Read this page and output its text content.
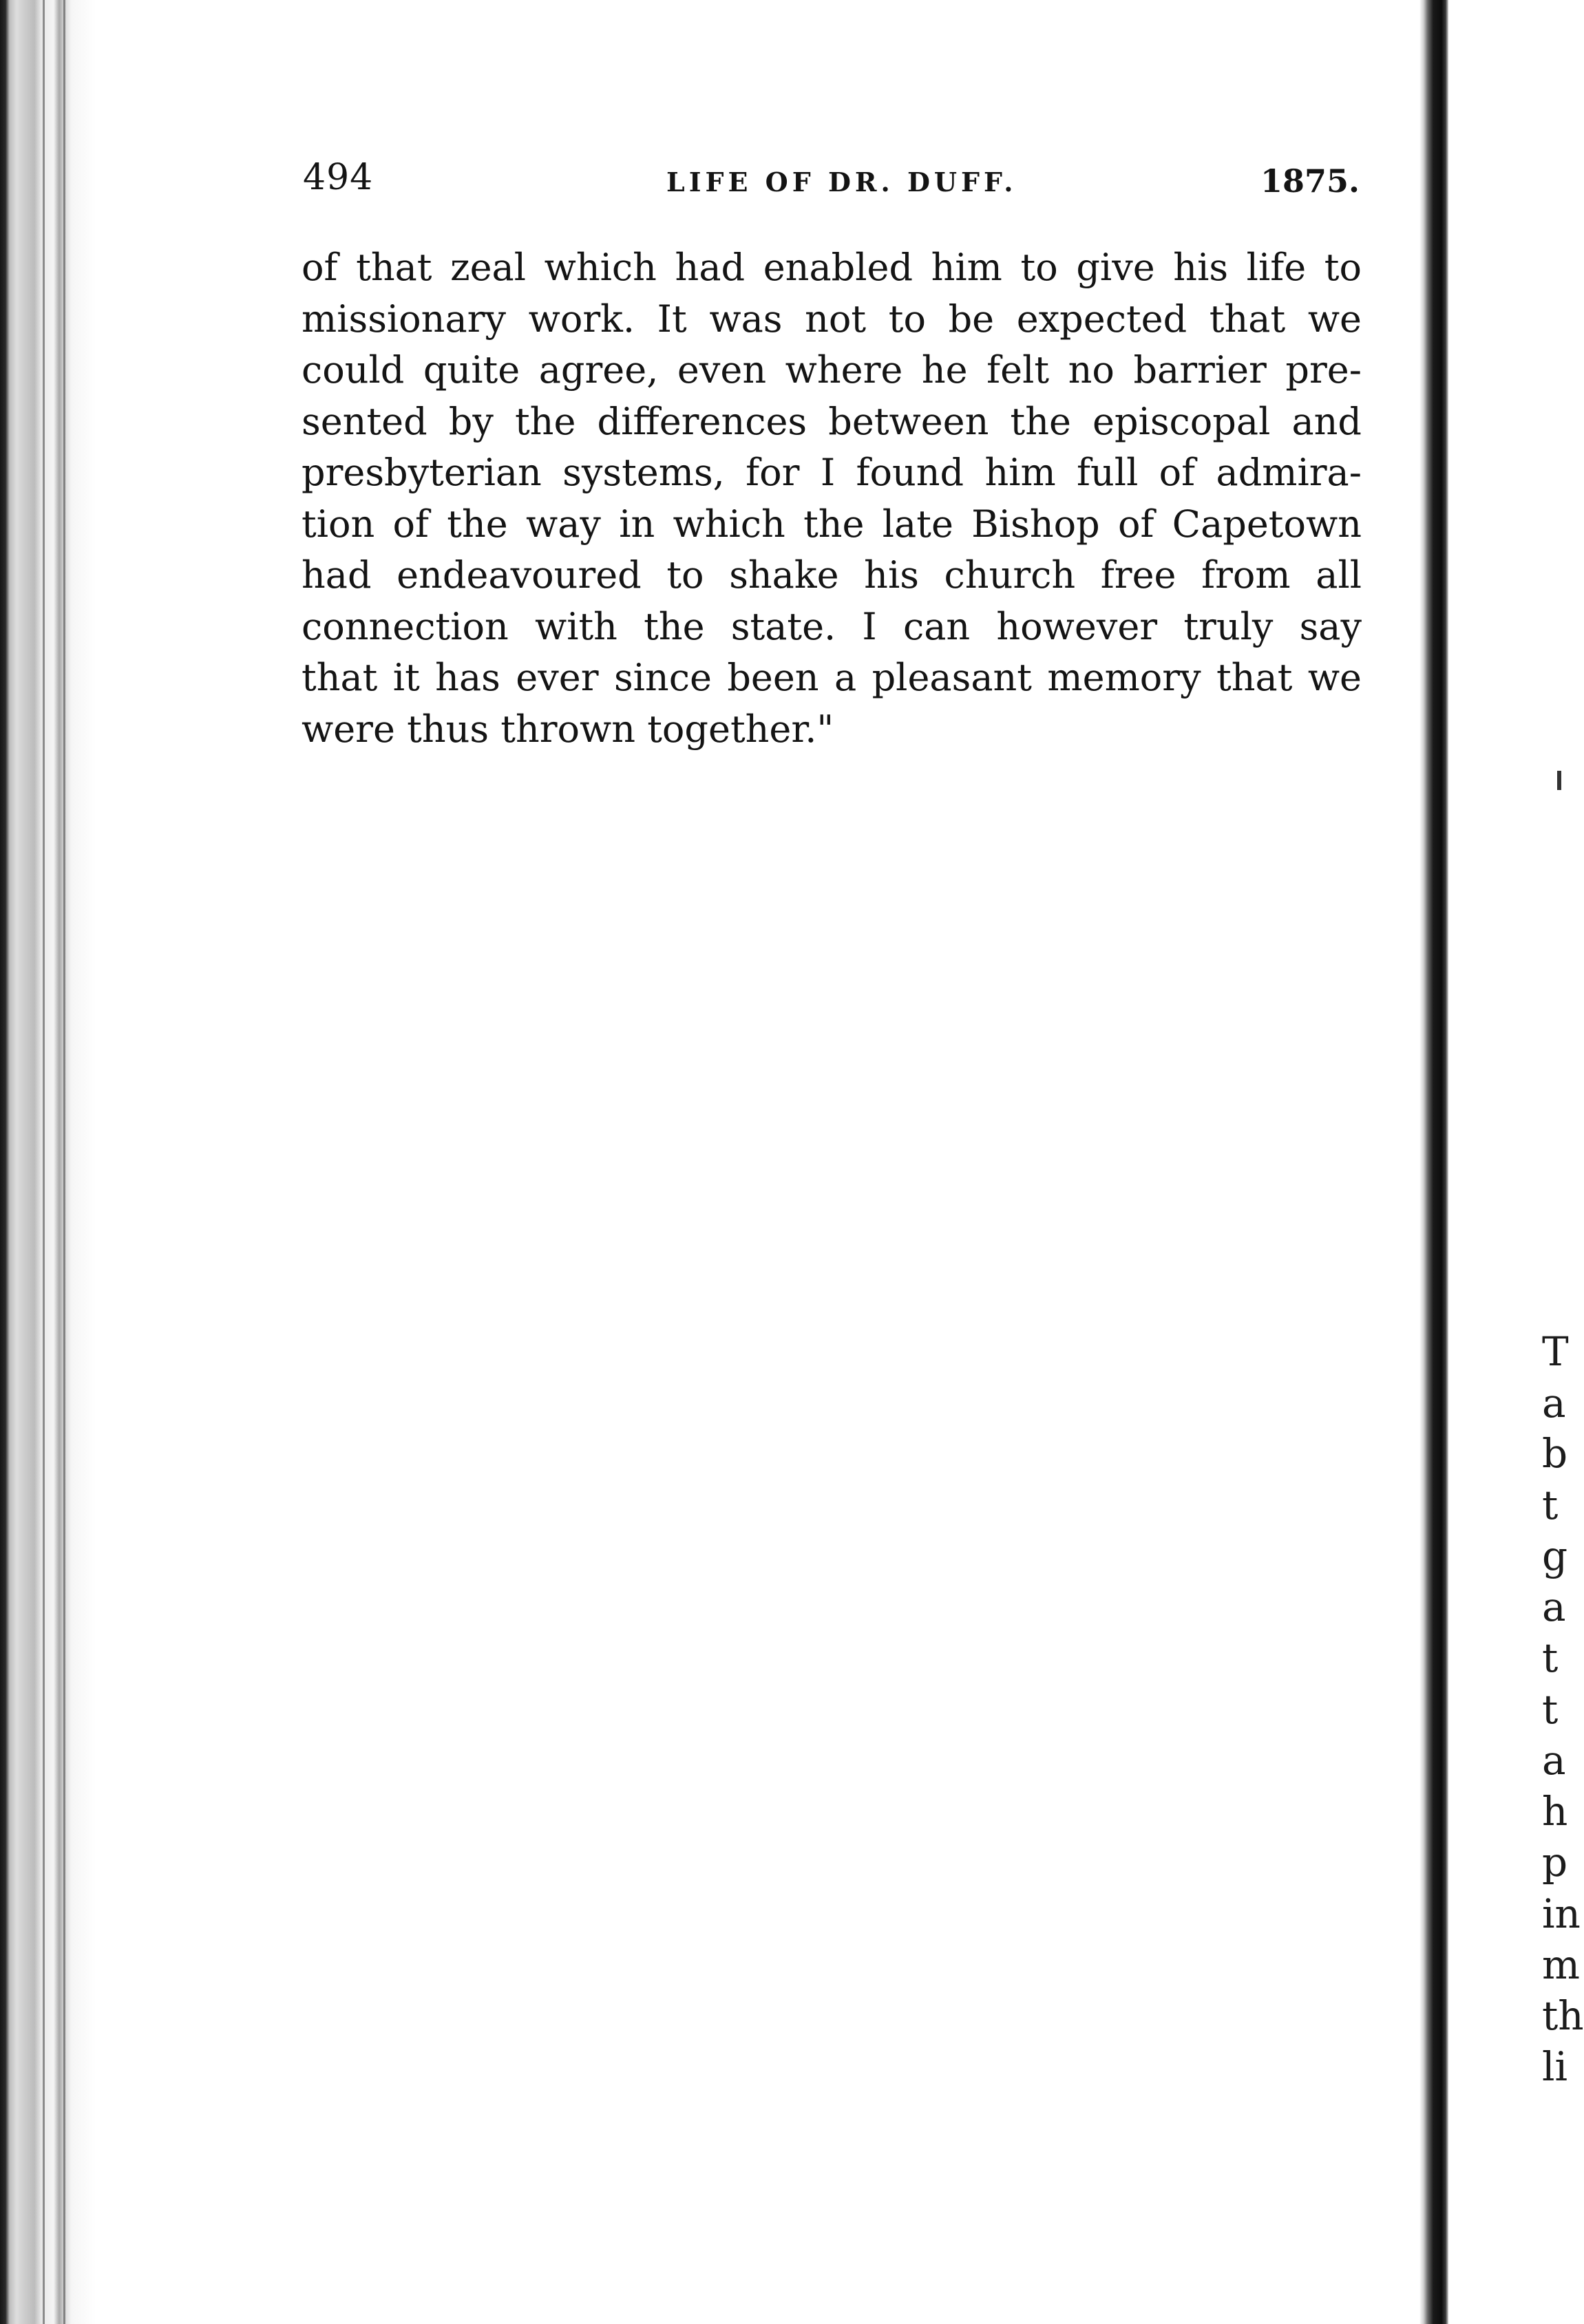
494	LIFE OF DR. DUFF.	1875.
of that zeal which had enabled him to give his life to
missionary work. It was not to be expected that we
could quite agree, even where he felt no barrier pre-
sented by the differences between the episcopal and
presbyterian systems, for I found him full of admira-
tion of the way in which the late Bishop of Capetown
had endeavoured to shake his church free from all
connection with the state. I can however truly say
that it has ever since been a pleasant memory that we
were thus thrown together."
T
a
b
t
g
a
t
t
a
h
p
in
m
th
li
